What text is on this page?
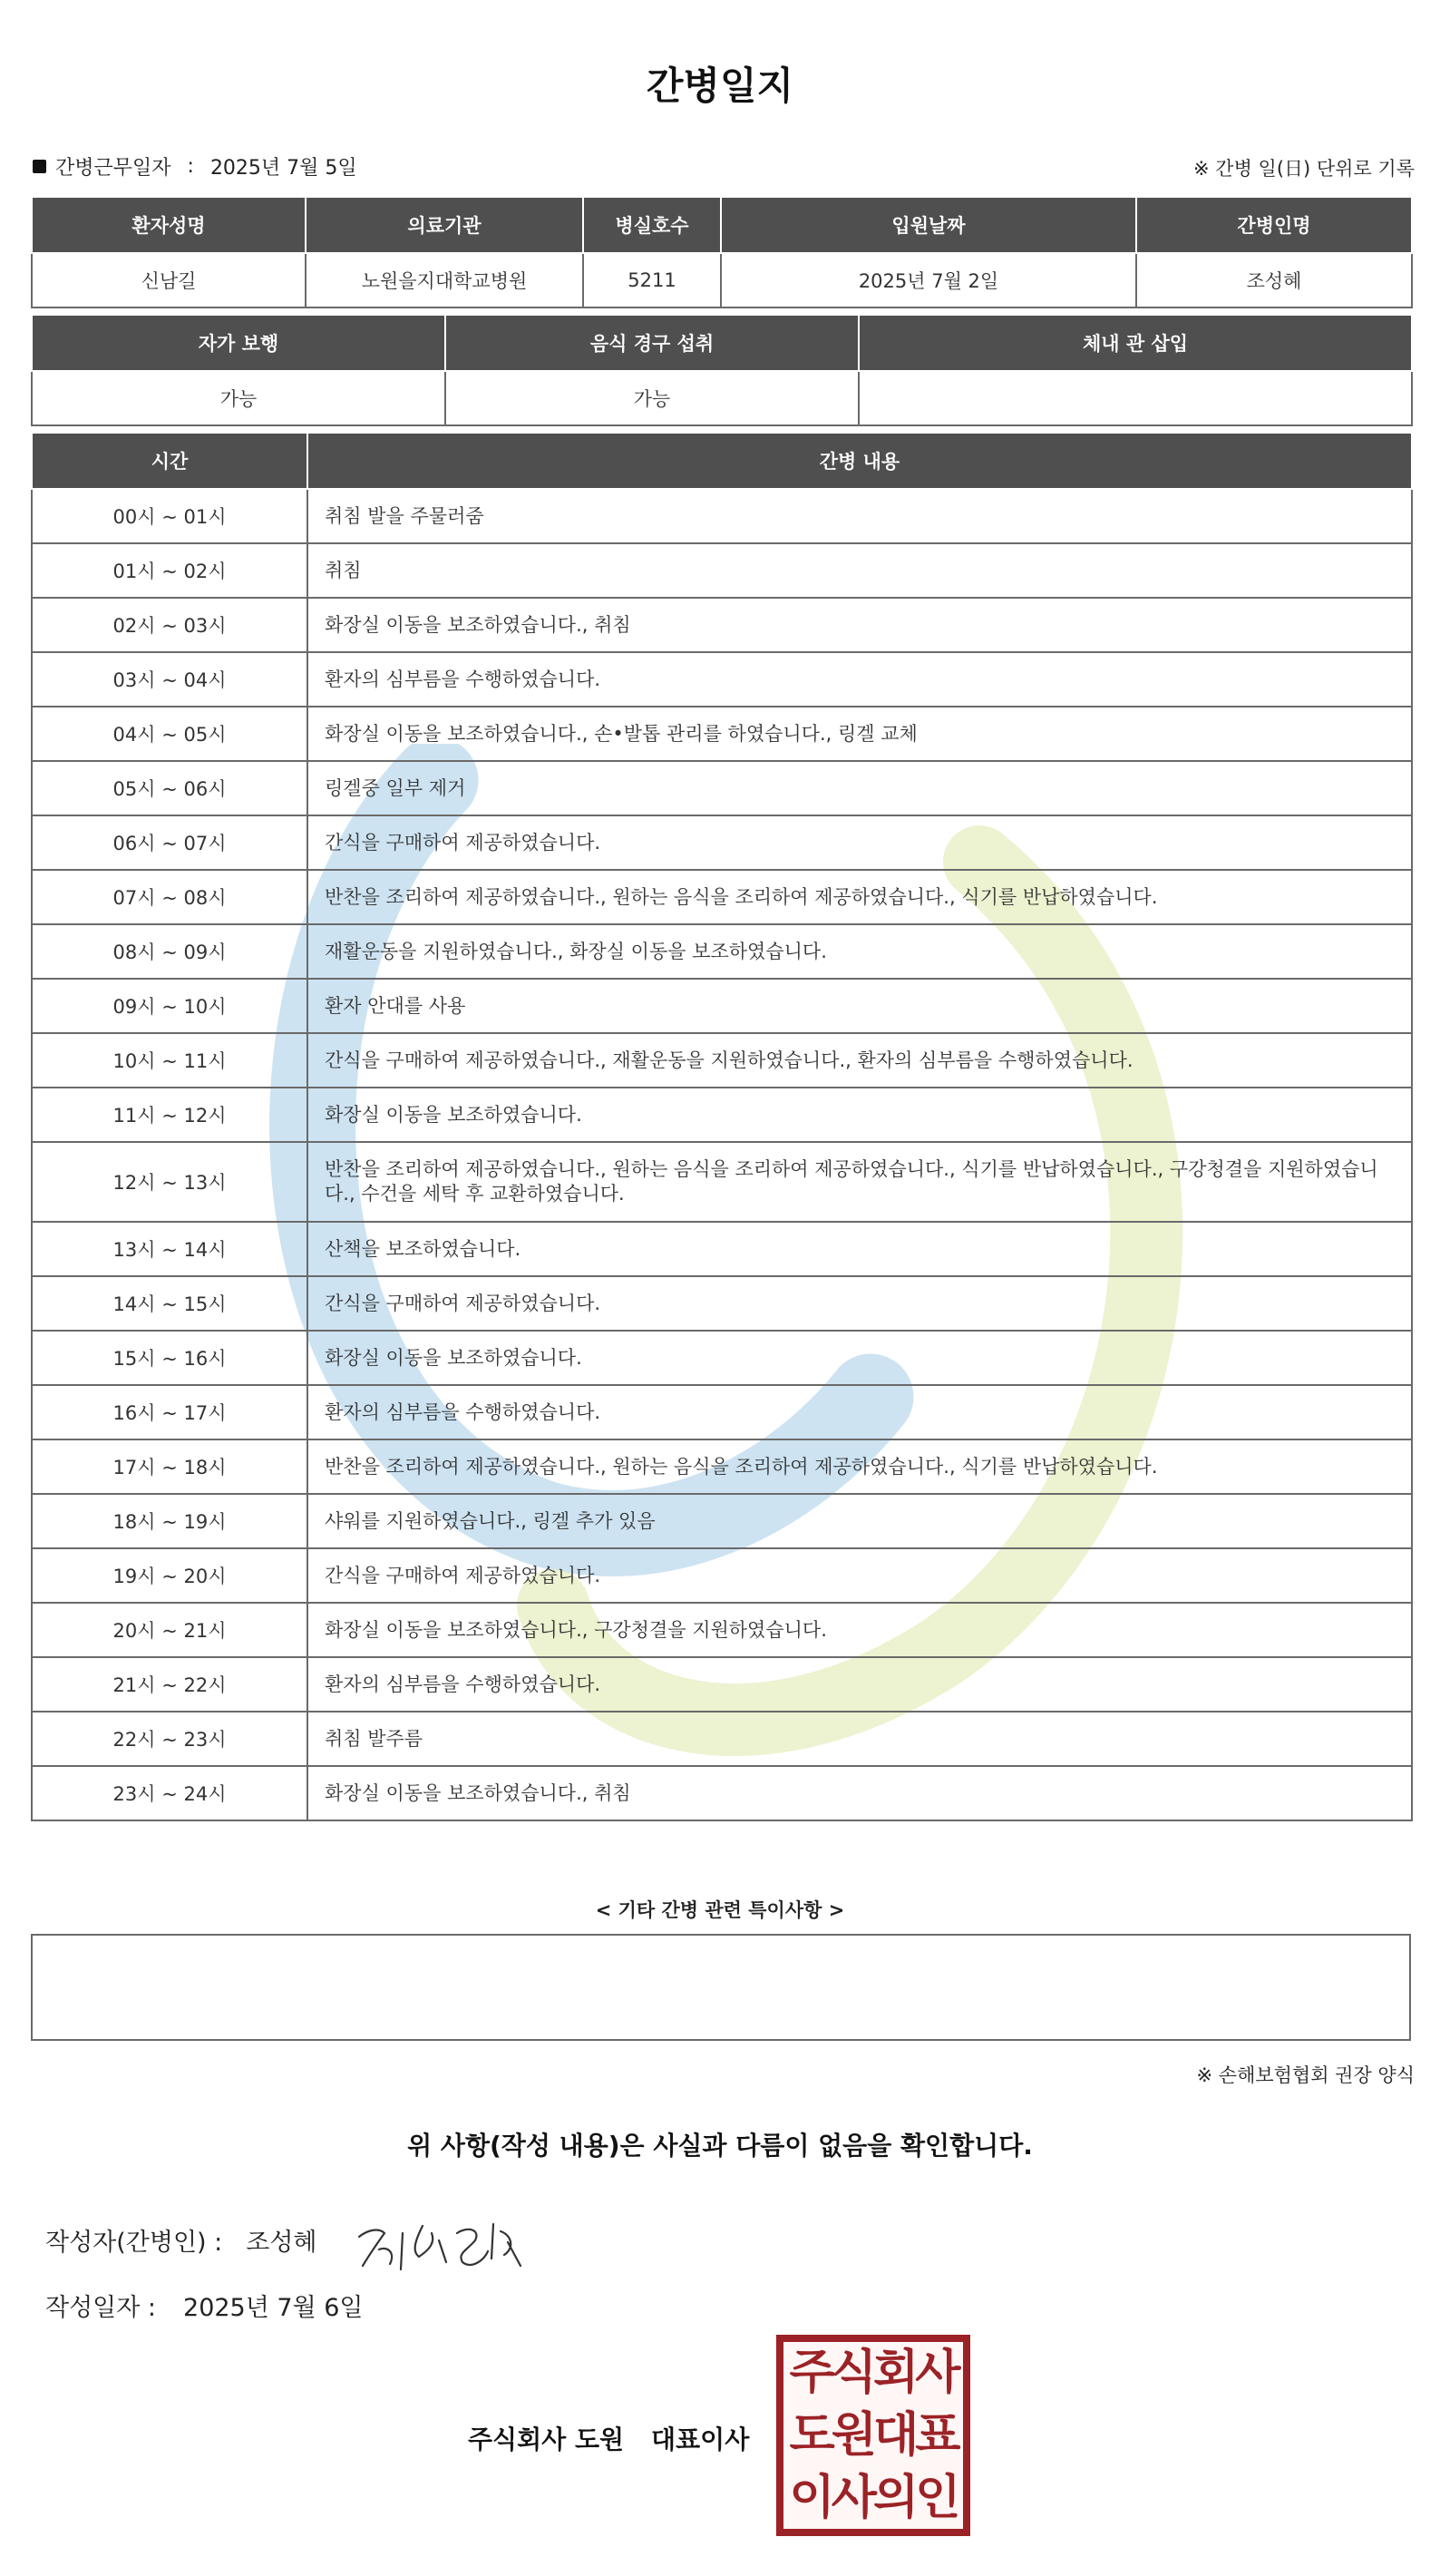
간병일지
간병근무일자 : 2025년 7월 5일	※ 간병 일(日) 단위로 기록
환자성명	의료기관	병실호수	입원날짜	간병인명
신남길	노원을지대학교병원	5211	2025년 7월 2일	조성혜
자가 보행	음식 경구 섭취	체내 관 삽입
가능	가능	
시간	간병 내용
00시 ~ 01시	취침 발을 주물러줌
01시 ~ 02시	취침
02시 ~ 03시	화장실 이동을 보조하였습니다., 취침
03시 ~ 04시	환자의 심부름을 수행하였습니다.
04시 ~ 05시	화장실 이동을 보조하였습니다., 손•발톱 관리를 하였습니다., 링겔 교체
05시 ~ 06시	링겔중 일부 제거
06시 ~ 07시	간식을 구매하여 제공하였습니다.
07시 ~ 08시	반찬을 조리하여 제공하였습니다., 원하는 음식을 조리하여 제공하였습니다., 식기를 반납하였습니다.
08시 ~ 09시	재활운동을 지원하였습니다., 화장실 이동을 보조하였습니다.
09시 ~ 10시	환자 안대를 사용
10시 ~ 11시	간식을 구매하여 제공하였습니다., 재활운동을 지원하였습니다., 환자의 심부름을 수행하였습니다.
11시 ~ 12시	화장실 이동을 보조하였습니다.
12시 ~ 13시	반찬을 조리하여 제공하였습니다., 원하는 음식을 조리하여 제공하였습니다., 식기를 반납하였습니다., 구강청결을 지원하였습니다., 수건을 세탁 후 교환하였습니다.
13시 ~ 14시	산책을 보조하였습니다.
14시 ~ 15시	간식을 구매하여 제공하였습니다.
15시 ~ 16시	화장실 이동을 보조하였습니다.
16시 ~ 17시	환자의 심부름을 수행하였습니다.
17시 ~ 18시	반찬을 조리하여 제공하였습니다., 원하는 음식을 조리하여 제공하였습니다., 식기를 반납하였습니다.
18시 ~ 19시	샤워를 지원하였습니다., 링겔 추가 있음
19시 ~ 20시	간식을 구매하여 제공하였습니다.
20시 ~ 21시	화장실 이동을 보조하였습니다., 구강청결을 지원하였습니다.
21시 ~ 22시	환자의 심부름을 수행하였습니다.
22시 ~ 23시	취침 발주름
23시 ~ 24시	화장실 이동을 보조하였습니다., 취침
< 기타 간병 관련 특이사항 >
※ 손해보험협회 권장 양식
위 사항(작성 내용)은 사실과 다름이 없음을 확인합니다.
작성자(간병인) : 조성혜
작성일자 : 2025년 7월 6일
주식회사 도원 대표이사
주식회사
도원대표
이사의인
